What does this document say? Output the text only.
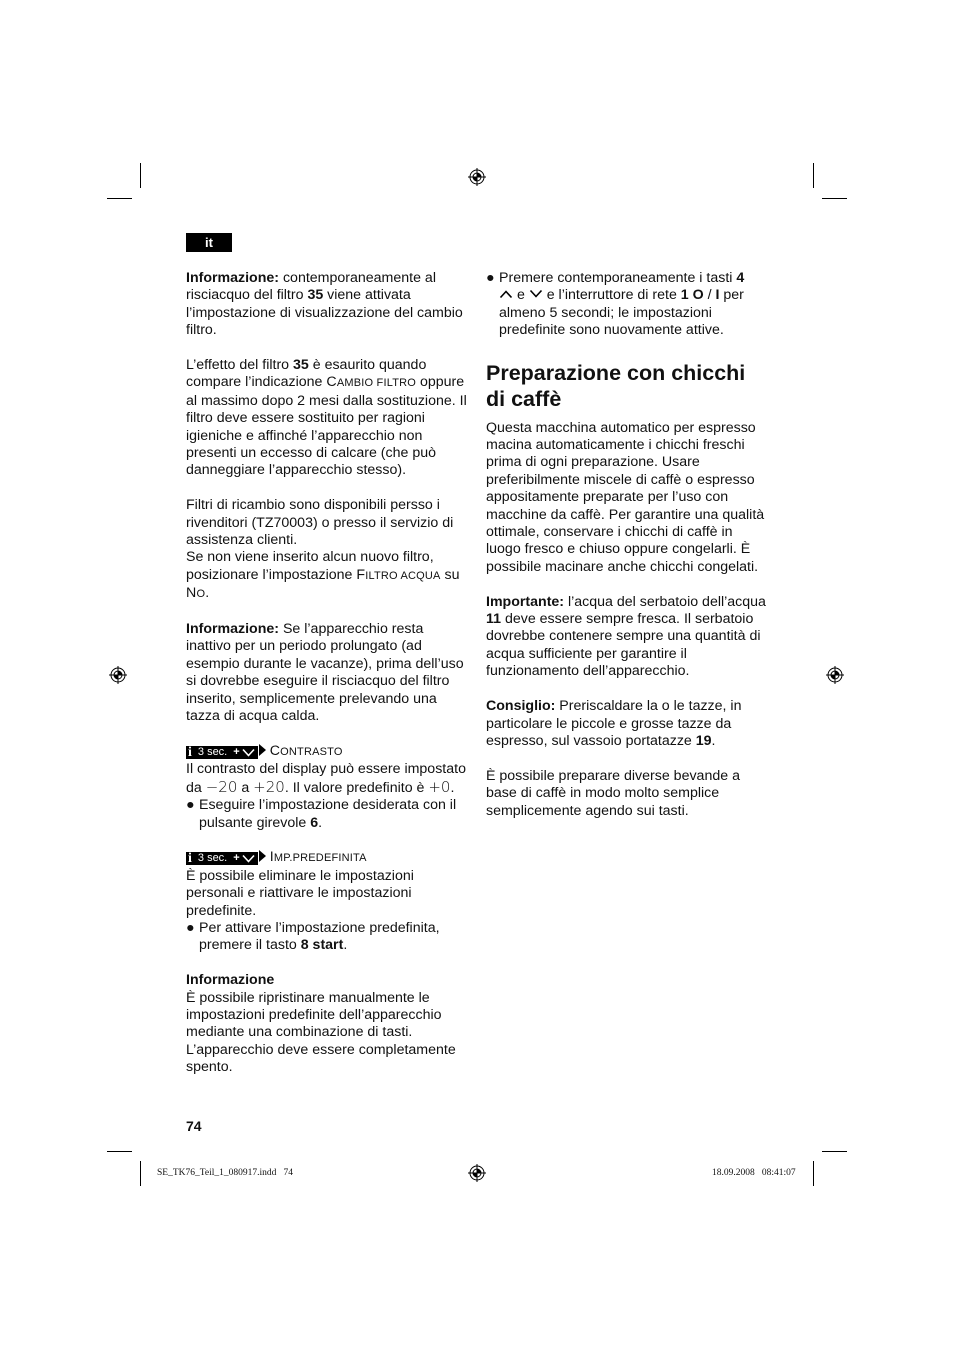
it

Informazione: contemporaneamente al risciacquo del filtro 35 viene attivata l’impostazione di visualizzazione del cambio filtro.

L’effetto del filtro 35 è esaurito quando compare l’indicazione CAMBIO FILTRO oppure al massimo dopo 2 mesi dalla sostituzione. Il filtro deve essere sostituito per ragioni igieniche e affinché l’apparecchio non presenti un eccesso di calcare (che può danneggiare l’apparecchio stesso).

Filtri di ricambio sono disponibili persso i rivenditori (TZ70003) o presso il servizio di assistenza clienti.

Se non viene inserito alcun nuovo filtro, posizionare l’impostazione FILTRO ACQUA su NO.

Informazione: Se l’apparecchio resta inattivo per un periodo prolungato (ad esempio durante le vacanze), prima dell’uso si dovrebbe eseguire il risciacquo del filtro inserito, semplicemente prelevando una tazza di acqua calda.

i 3 sec. + CONTRASTO

Il contrasto del display può essere impostato da −20 a +20. Il valore predefinito è +0.

● Eseguire l’impostazione desiderata con il pulsante girevole 6.

i 3 sec. + IMP.PREDEFINITA

È possibile eliminare le impostazioni personali e riattivare le impostazioni predefinite.

● Per attivare l’impostazione predefinita, premere il tasto 8 start.

Informazione

È possibile ripristinare manualmente le impostazioni predefinite dell’apparecchio mediante una combinazione di tasti. L’apparecchio deve essere completamente spento.

● Premere contemporaneamente i tasti 4
e  e l’interruttore di rete 1 O / I per almeno 5 secondi; le impostazioni predefinite sono nuovamente attive.
Preparazione con chicchi di caffè

Questa macchina automatico per espresso macina automaticamente i chicchi freschi prima di ogni preparazione. Usare preferibilmente miscele di caffè o espresso appositamente preparate per l’uso con macchine da caffè. Per garantire una qualità ottimale, conservare i chicchi di caffè in luogo fresco e chiuso oppure congelarli. È possibile macinare anche chicchi congelati.

Importante: l’acqua del serbatoio dell’acqua 11 deve essere sempre fresca. Il serbatoio dovrebbe contenere sempre una quantità di acqua sufficiente per garantire il funzionamento dell’apparecchio.

Consiglio: Preriscaldare la o le tazze, in particolare le piccole e grosse tazze da espresso, sul vassoio portatazze 19.

È possibile preparare diverse bevande a base di caffè in modo molto semplice semplicemente agendo sui tasti.

74
SE_TK76_Teil_1_080917.indd   74	18.09.2008   08:41:07
